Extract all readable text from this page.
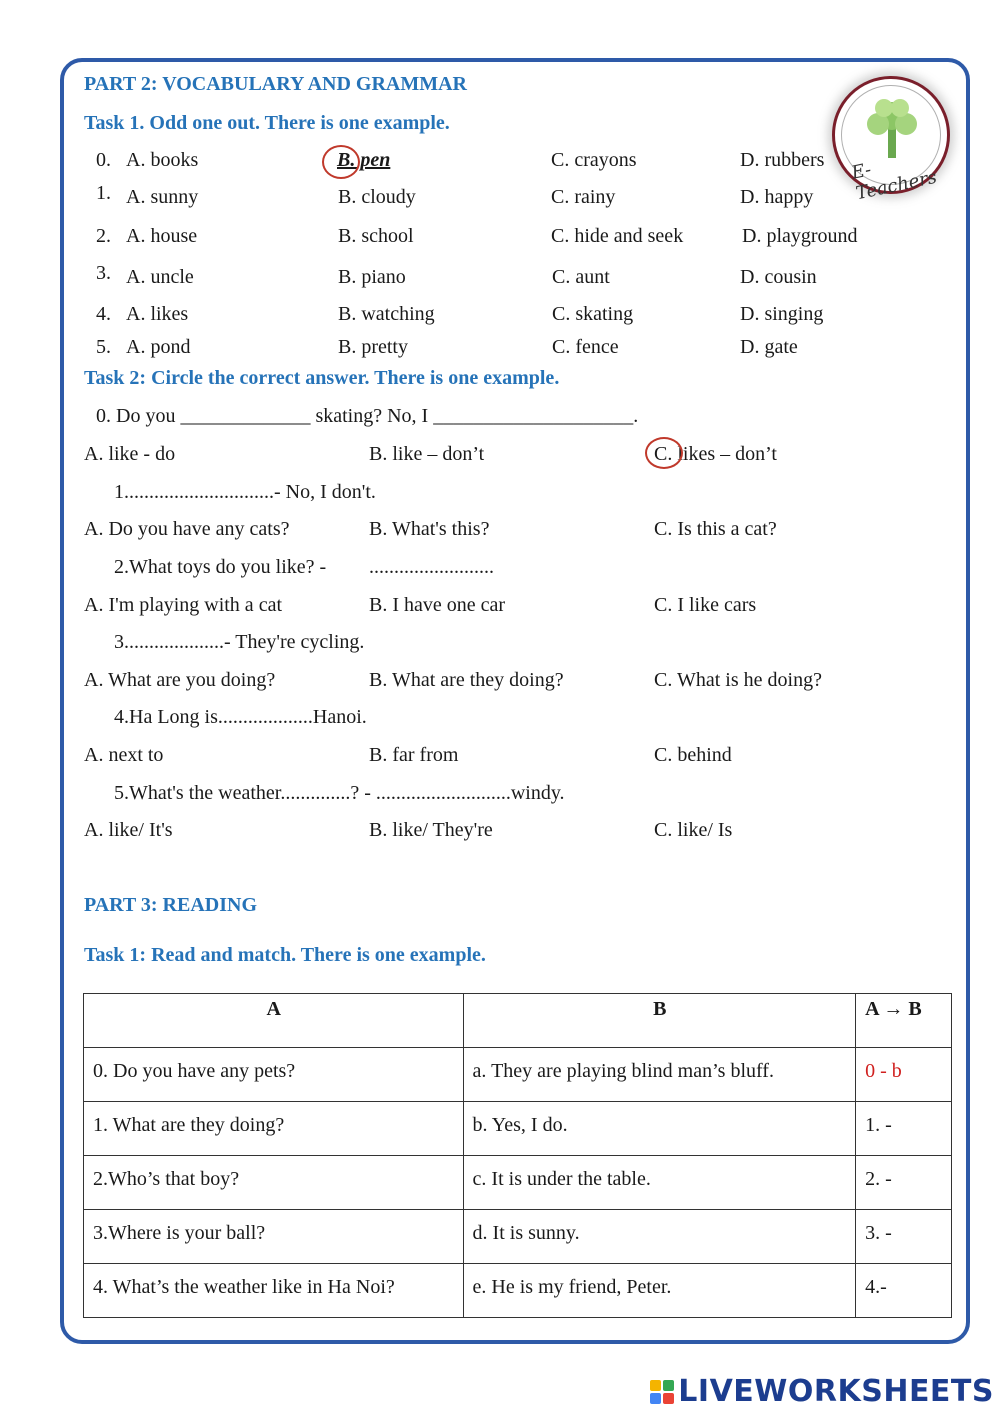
E-Teachers
PART 2: VOCABULARY AND GRAMMAR
Task 1. Odd one out. There is one example.
0. A. books	B. pen	C. crayons	D. rubbers
1. A. sunny	B. cloudy	C. rainy	D. happy
2. A. house	B. school	C. hide and seek	D. playground
3. A. uncle	B. piano	C. aunt	D. cousin
4. A. likes	B. watching	C. skating	D. singing
5. A. pond	B. pretty	C. fence	D. gate
Task 2: Circle the correct answer. There is one example.
0. Do you _____________ skating? No, I ____________________.
A. like - do	B. like – don’t	C. likes – don’t
1..............................- No, I don't.
A. Do you have any cats?	B. What's this?	C. Is this a cat?
2.What toys do you like? - .........................
A. I'm playing with a cat	B. I have one car	C. I like cars
3....................- They're cycling.
A. What are you doing?	B. What are they doing?	C. What is he doing?
4.Ha Long is...................Hanoi.
A. next to	B. far from	C. behind
5.What's the weather..............? - ...........................windy.
A. like/ It's	B. like/ They're	C. like/ Is
PART 3: READING
Task 1: Read and match. There is one example.
A	B	A → B
0. Do you have any pets?	a. They are playing blind man’s bluff.	0 - b
1. What are they doing?	b. Yes, I do.	1. -
2.Who’s that boy?	c. It is under the table.	2. -
3.Where is your ball?	d. It is sunny.	3. -
4. What’s the weather like in Ha Noi?	e. He is my friend, Peter.	4.-
LIVEWORKSHEETS
